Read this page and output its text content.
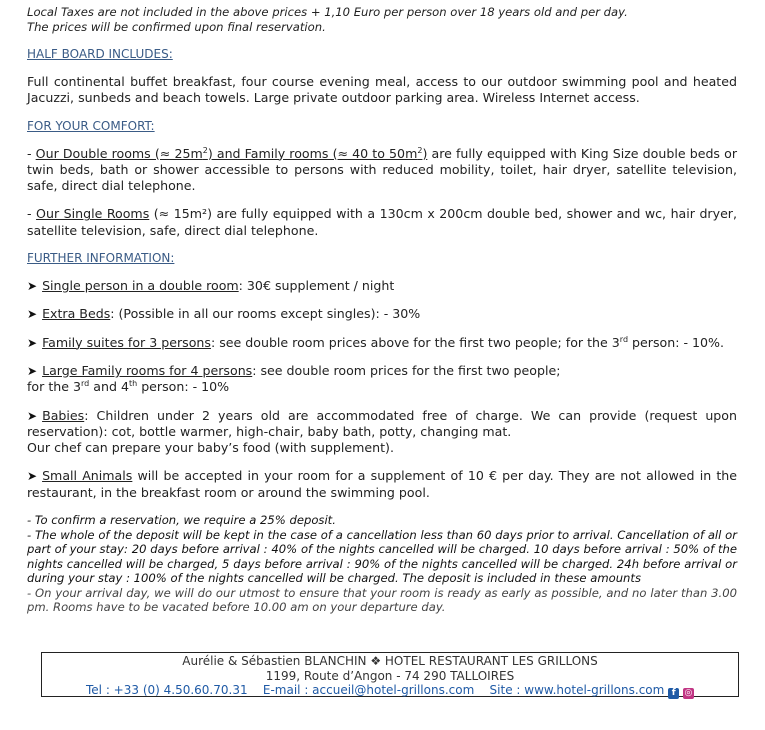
Local Taxes are not included in the above prices + 1,10 Euro per person over 18 years old and per day.
The prices will be confirmed upon final reservation.
HALF BOARD INCLUDES:
Full continental buffet breakfast, four course evening meal, access to our outdoor swimming pool and heated Jacuzzi, sunbeds and beach towels. Large private outdoor parking area. Wireless Internet access.
FOR YOUR COMFORT:
- Our Double rooms (≈ $25m^2$) and Family rooms (≈ 40 to $50m^2$) are fully equipped with King Size double beds or twin beds, bath or shower accessible to persons with reduced mobility, toilet, hair dryer, satellite television, safe, direct dial telephone.
- Our Single Rooms (≈ 15m²) are fully equipped with a 130cm x 200cm double bed, shower and wc, hair dryer, satellite television, safe, direct dial telephone.
FURTHER INFORMATION:
➤ Single person in a double room: 30€ supplement / night
➤ Extra Beds: (Possible in all our rooms except singles): - 30%
➤ Family suites for 3 persons: see double room prices above for the first two people; for the 3rd person: - 10%.
➤ Large Family rooms for 4 persons: see double room prices for the first two people;
for the 3rd and 4th person: - 10%
➤ Babies: Children under 2 years old are accommodated free of charge. We can provide (request upon reservation): cot, bottle warmer, high-chair, baby bath, potty, changing mat.
Our chef can prepare your baby’s food (with supplement).
➤ Small Animals will be accepted in your room for a supplement of 10 € per day. They are not allowed in the restaurant, in the breakfast room or around the swimming pool.
- To confirm a reservation, we require a 25% deposit.
- The whole of the deposit will be kept in the case of a cancellation less than 60 days prior to arrival. Cancellation of all or part of your stay: 20 days before arrival : 40% of the nights cancelled will be charged. 10 days before arrival : 50% of the nights cancelled will be charged, 5 days before arrival : 90% of the nights cancelled will be charged. 24h before arrival or during your stay : 100% of the nights cancelled will be charged. The deposit is included in these amounts
- On your arrival day, we will do our utmost to ensure that your room is ready as early as possible, and no later than 3.00 pm. Rooms have to be vacated before 10.00 am on your departure day.
Aurélie & Sébastien BLANCHIN ❖ HOTEL RESTAURANT LES GRILLONS
1199, Route d’Angon - 74 290 TALLOIRES
Tel : +33 (0) 4.50.60.70.31 E-mail : accueil@hotel-grillons.com Site : www.hotel-grillons.com f ◎
